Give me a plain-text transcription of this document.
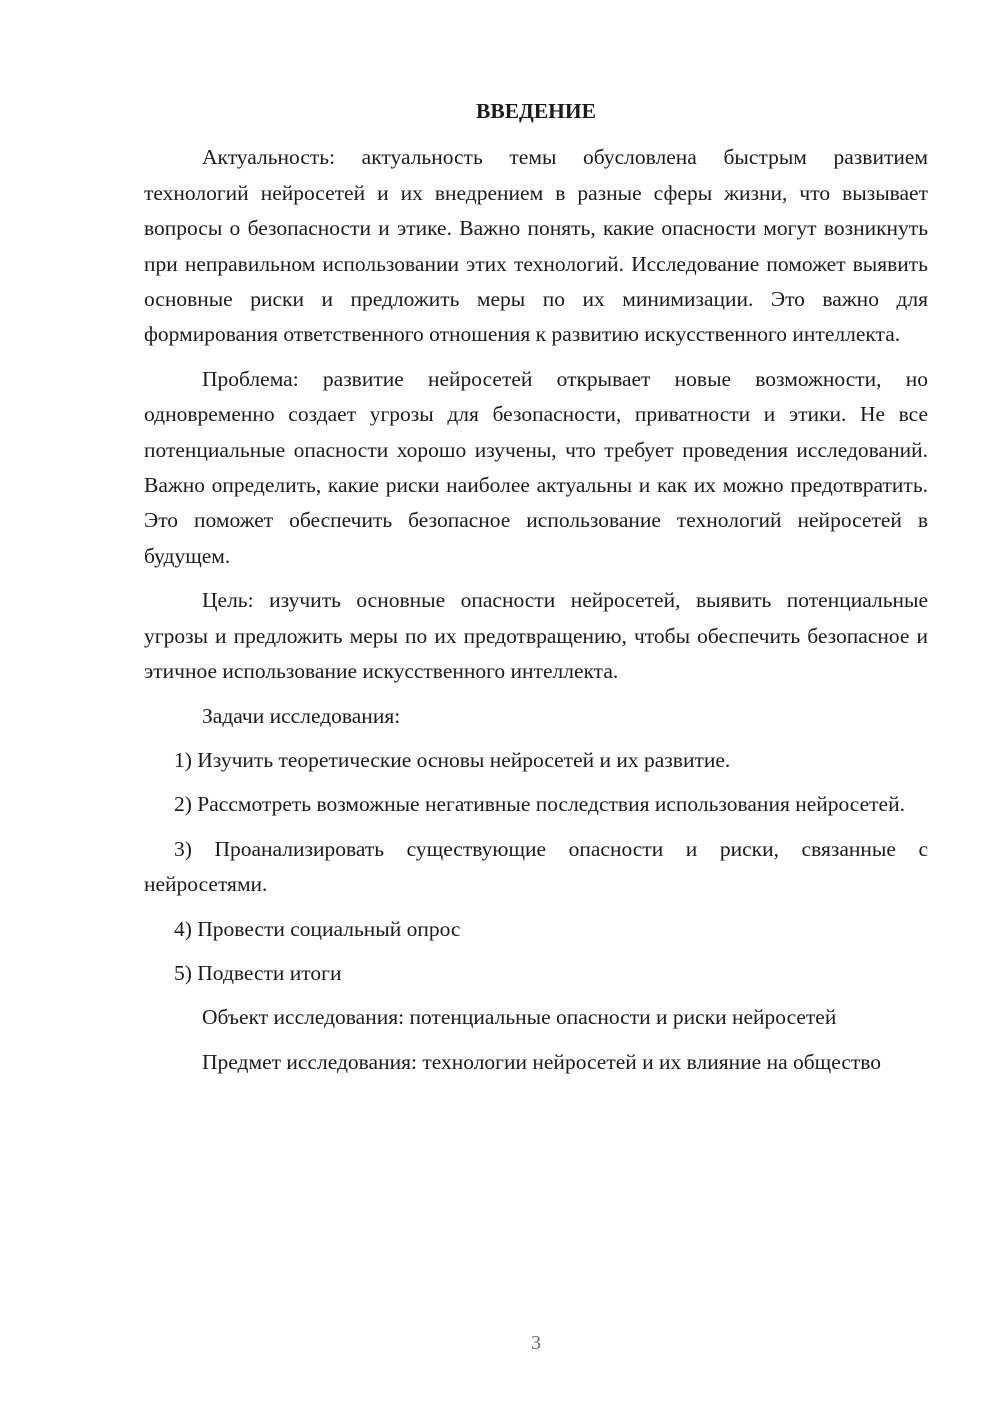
ВВЕДЕНИЕ

Актуальность: актуальность темы обусловлена быстрым развитием технологий нейросетей и их внедрением в разные сферы жизни, что вызывает вопросы о безопасности и этике. Важно понять, какие опасности могут возникнуть при неправильном использовании этих технологий. Исследование поможет выявить основные риски и предложить меры по их минимизации. Это важно для формирования ответственного отношения к развитию искусственного интеллекта.

Проблема: развитие нейросетей открывает новые возможности, но одновременно создает угрозы для безопасности, приватности и этики. Не все потенциальные опасности хорошо изучены, что требует проведения исследований. Важно определить, какие риски наиболее актуальны и как их можно предотвратить. Это поможет обеспечить безопасное использование технологий нейросетей в будущем.

Цель: изучить основные опасности нейросетей, выявить потенциальные угрозы и предложить меры по их предотвращению, чтобы обеспечить безопасное и этичное использование искусственного интеллекта.

Задачи исследования:

1) Изучить теоретические основы нейросетей и их развитие.

2) Рассмотреть возможные негативные последствия использования нейросетей.

3) Проанализировать существующие опасности и риски, связанные с нейросетями.

4) Провести социальный опрос

5) Подвести итоги

Объект исследования: потенциальные опасности и риски нейросетей

Предмет исследования: технологии нейросетей и их влияние на общество

3
